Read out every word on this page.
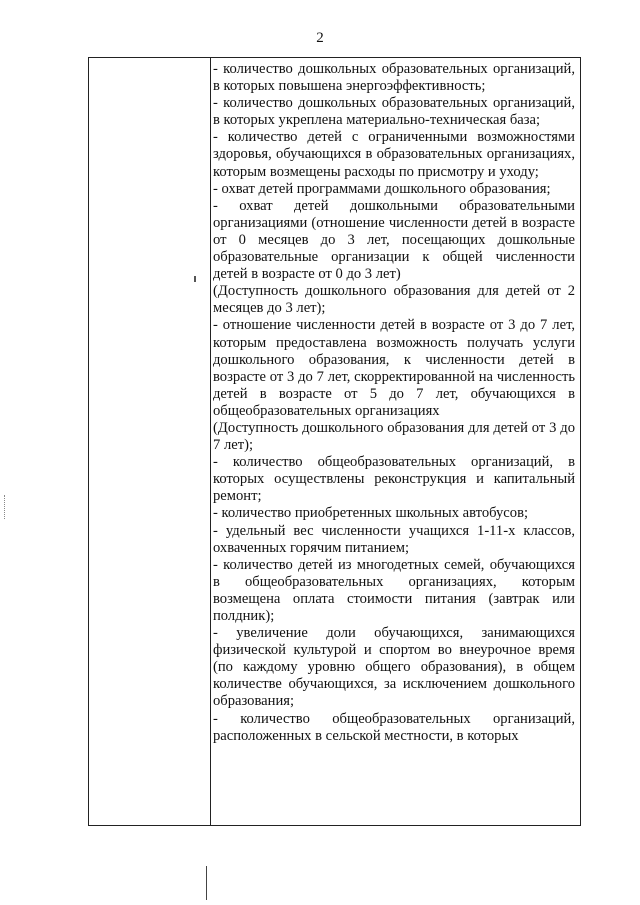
2

- количество дошкольных образовательных организаций, в которых повышена энергоэффективность;

- количество дошкольных образовательных организаций, в которых укреплена материально-техническая база;

- количество детей с ограниченными возможностями здоровья, обучающихся в образовательных организациях, которым возмещены расходы по присмотру и уходу;

- охват детей программами дошкольного образования;

- охват детей дошкольными образовательными организациями (отношение численности детей в возрасте от 0 месяцев до 3 лет, посещающих дошкольные образовательные организации к общей численности детей в возрасте от 0 до 3 лет)

(Доступность дошкольного образования для детей от 2 месяцев до 3 лет);

- отношение численности детей в возрасте от 3 до 7 лет, которым предоставлена возможность получать услуги дошкольного образования, к численности детей в возрасте от 3 до 7 лет, скорректированной на численность детей в возрасте от 5 до 7 лет, обучающихся в общеобразовательных организациях

(Доступность дошкольного образования для детей от 3 до 7 лет);

- количество общеобразовательных организаций, в которых осуществлены реконструкция и капитальный ремонт;

- количество приобретенных школьных автобусов;

- удельный вес численности учащихся 1-11-х классов, охваченных горячим питанием;

- количество детей из многодетных семей, обучающихся в общеобразовательных организациях, которым возмещена оплата стоимости питания (завтрак или полдник);

- увеличение доли обучающихся, занимающихся физической культурой и спортом во внеурочное время (по каждому уровню общего образования), в общем количестве обучающихся, за исключением дошкольного образования;

- количество общеобразовательных организаций, расположенных в сельской местности, в которых
